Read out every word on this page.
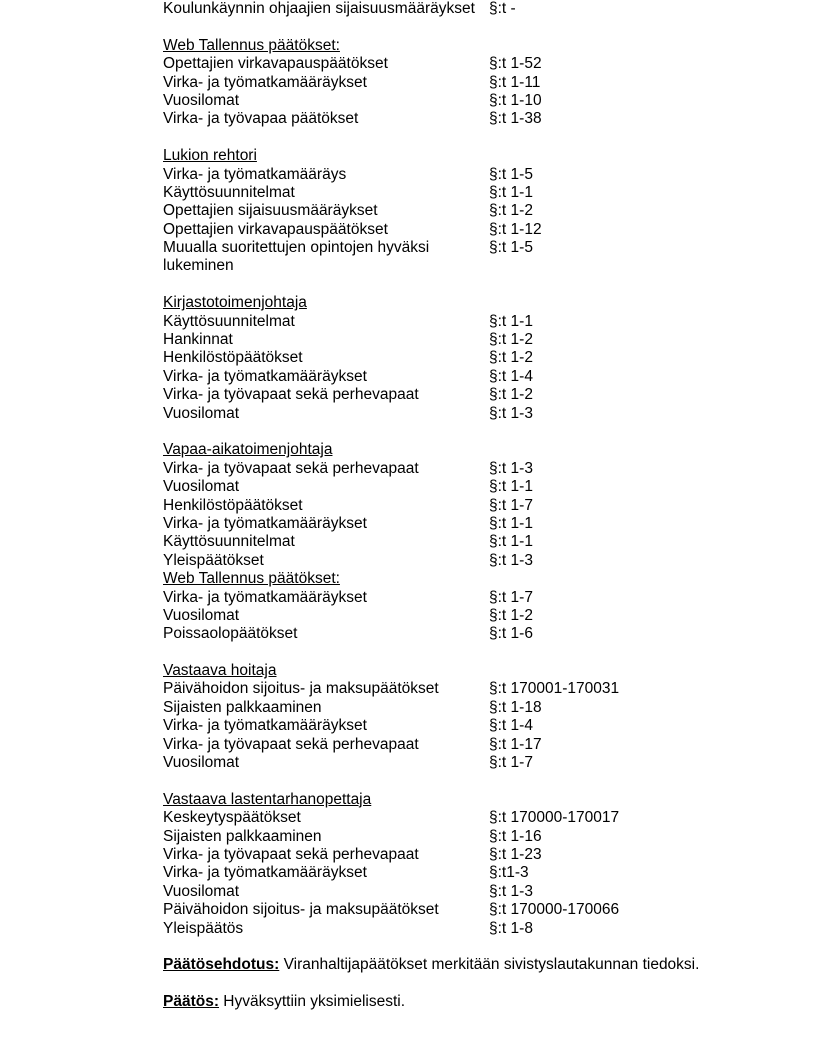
Koulunkäynnin ohjaajien sijaisuusmääräykset §:t -
Web Tallennus päätökset:
Opettajien virkavapauspäätökset	§:t 1-52
Virka- ja työmatkamääräykset	§:t 1-11
Vuosilomat	§:t 1-10
Virka- ja työvapaa päätökset	§:t 1-38
Lukion rehtori
Virka- ja työmatkamääräys	§:t 1-5
Käyttösuunnitelmat	§:t 1-1
Opettajien sijaisuusmääräykset	§:t 1-2
Opettajien virkavapauspäätökset	§:t 1-12
Muualla suoritettujen opintojen hyväksi	§:t 1-5
lukeminen
Kirjastotoimenjohtaja
Käyttösuunnitelmat	§:t 1-1
Hankinnat	§:t 1-2
Henkilöstöpäätökset	§:t 1-2
Virka- ja työmatkamääräykset	§:t 1-4
Virka- ja työvapaat sekä perhevapaat	§:t 1-2
Vuosilomat	§:t 1-3
Vapaa-aikatoimenjohtaja
Virka- ja työvapaat sekä perhevapaat	§:t 1-3
Vuosilomat	§:t 1-1
Henkilöstöpäätökset	§:t 1-7
Virka- ja työmatkamääräykset	§:t 1-1
Käyttösuunnitelmat	§:t 1-1
Yleispäätökset	§:t 1-3
Web Tallennus päätökset:
Virka- ja työmatkamääräykset	§:t 1-7
Vuosilomat	§:t 1-2
Poissaolopäätökset	§:t 1-6
Vastaava hoitaja
Päivähoidon sijoitus- ja maksupäätökset	§:t 170001-170031
Sijaisten palkkaaminen	§:t 1-18
Virka- ja työmatkamääräykset	§:t 1-4
Virka- ja työvapaat sekä perhevapaat	§:t 1-17
Vuosilomat	§:t 1-7
Vastaava lastentarhanopettaja
Keskeytyspäätökset	§:t 170000-170017
Sijaisten palkkaaminen	§:t 1-16
Virka- ja työvapaat sekä perhevapaat	§:t 1-23
Virka- ja työmatkamääräykset	§:t1-3
Vuosilomat	§:t 1-3
Päivähoidon sijoitus- ja maksupäätökset	§:t 170000-170066
Yleispäätös	§:t 1-8
Päätösehdotus: Viranhaltijapäätökset merkitään sivistyslautakunnan tiedoksi.
Päätös: Hyväksyttiin yksimielisesti.
